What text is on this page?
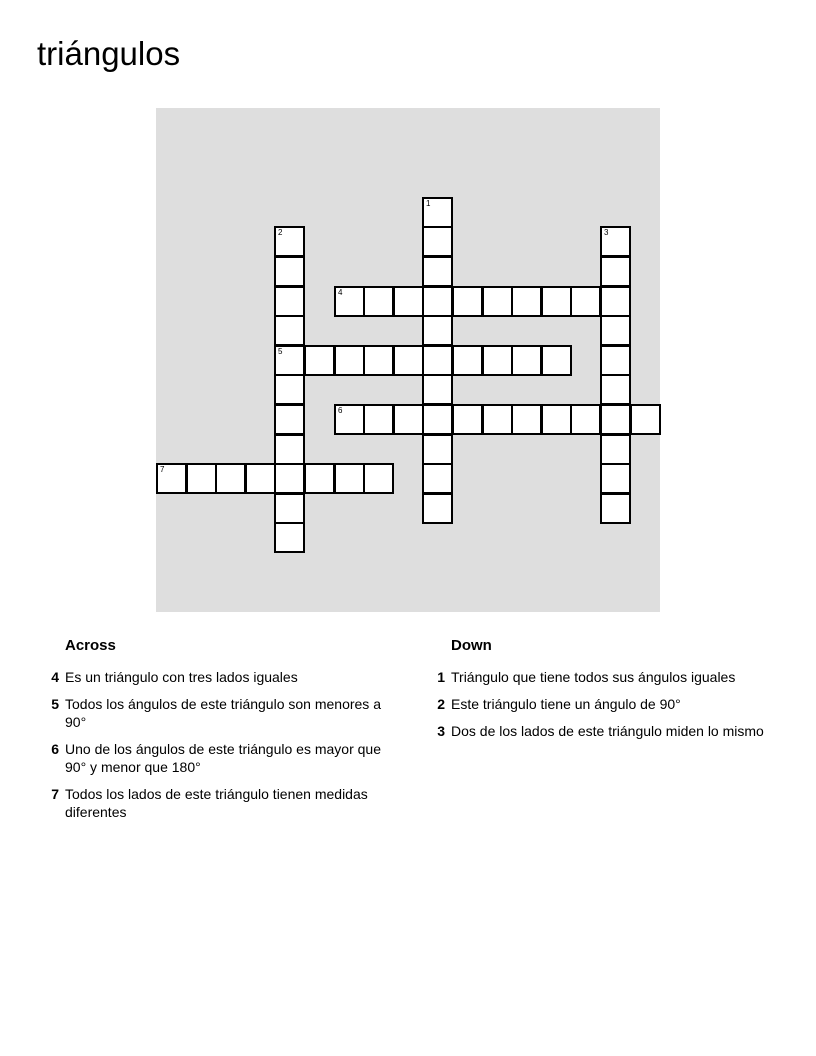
triángulos
1
2
5
3
4
6
7
Across
4 Es un triángulo con tres lados iguales
5 Todos los ángulos de este triángulo son menores a 90°
6 Uno de los ángulos de este triángulo es mayor que 90° y menor que 180°
7 Todos los lados de este triángulo tienen medidas diferentes
Down
1 Triángulo que tiene todos sus ángulos iguales
2 Este triángulo tiene un ángulo de 90°
3 Dos de los lados de este triángulo miden lo mismo
